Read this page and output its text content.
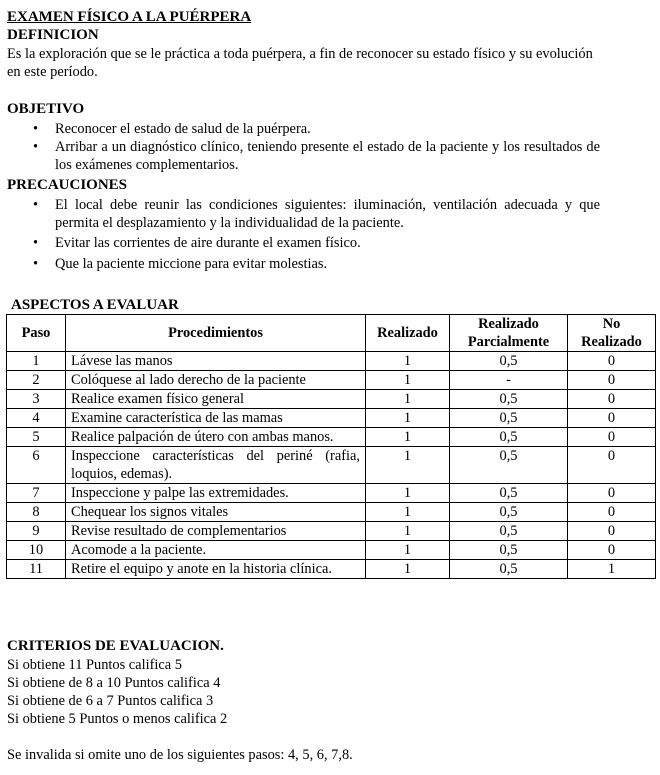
EXAMEN FÍSICO A LA PUÉRPERA
DEFINICION
Es la exploración que se le práctica a toda puérpera, a fin de reconocer su estado físico y su evolución en este período.
OBJETIVO
• Reconocer el estado de salud de la puérpera.
• Arribar a un diagnóstico clínico, teniendo presente el estado de la paciente y los resultados de los exámenes complementarios.
PRECAUCIONES
• El local debe reunir las condiciones siguientes: iluminación, ventilación adecuada y que permita el desplazamiento y la individualidad de la paciente.
• Evitar las corrientes de aire durante el examen físico.
• Que la paciente miccione para evitar molestias.
ASPECTOS A EVALUAR
Paso	Procedimientos	Realizado	Realizado Parcialmente	No Realizado
1	Lávese las manos	1	0,5	0
2	Colóquese al lado derecho de la paciente	1	-	0
3	Realice examen físico general	1	0,5	0
4	Examine característica de las mamas	1	0,5	0
5	Realice palpación de útero con ambas manos.	1	0,5	0
6	Inspeccione características del periné (rafia, loquios, edemas).	1	0,5	0
7	Inspeccione y palpe las extremidades.	1	0,5	0
8	Chequear los signos vitales	1	0,5	0
9	Revise resultado de complementarios	1	0,5	0
10	Acomode a la paciente.	1	0,5	0
11	Retire el equipo y anote en la historia clínica.	1	0,5	1
CRITERIOS DE EVALUACION.
Si obtiene 11 Puntos califica 5
Si obtiene de 8 a 10 Puntos califica 4
Si obtiene de 6 a 7 Puntos califica 3
Si obtiene 5 Puntos o menos califica 2
Se invalida si omite uno de los siguientes pasos: 4, 5, 6, 7,8.
